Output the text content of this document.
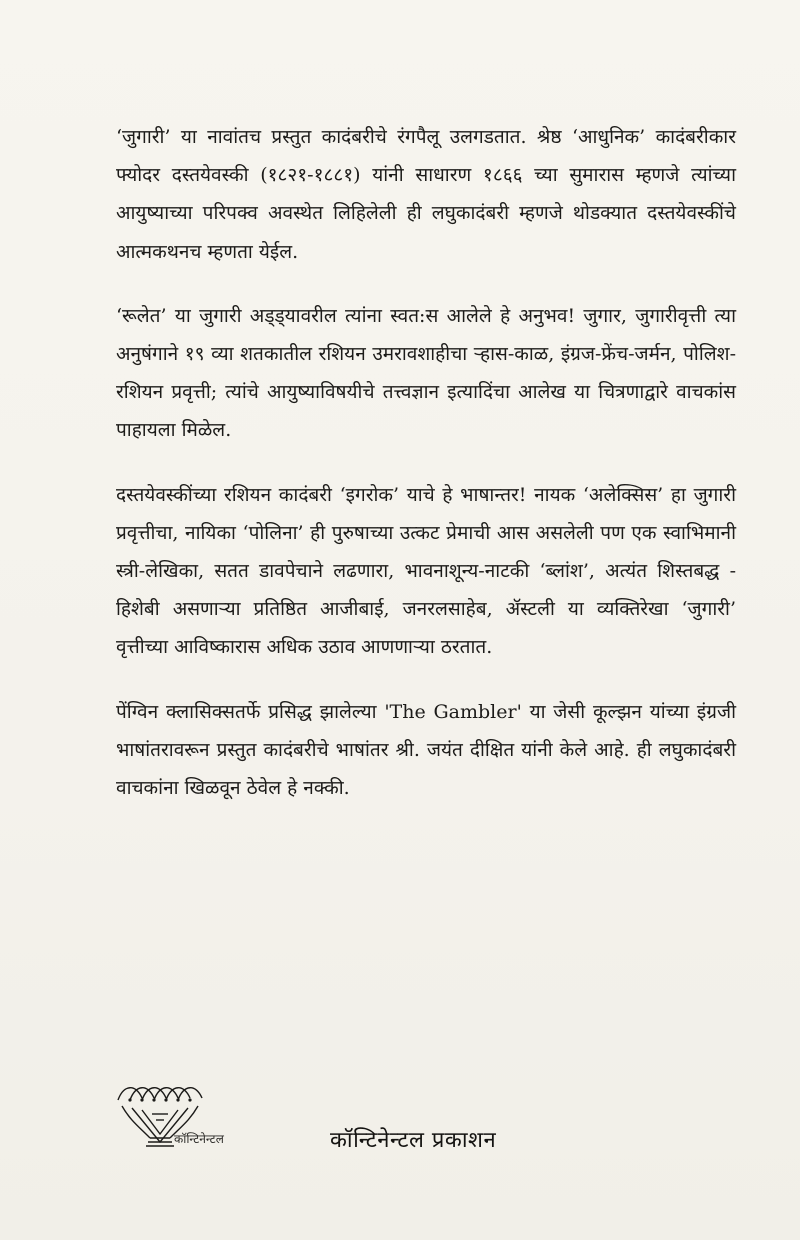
‘जुगारी’ या नावांतच प्रस्तुत कादंबरीचे रंगपैलू उलगडतात. श्रेष्ठ ‘आधुनिक’ कादंबरीकार फ्योदर दस्तयेवस्की (१८२१-१८८१) यांनी साधारण १८६६ च्या सुमारास म्हणजे त्यांच्या आयुष्याच्या परिपक्व अवस्थेत लिहिलेली ही लघुकादंबरी म्हणजे थोडक्यात दस्तयेवस्कींचे आत्मकथनच म्हणता येईल.

‘रूलेत’ या जुगारी अड्ड्यावरील त्यांना स्वत:स आलेले हे अनुभव! जुगार, जुगारीवृत्ती त्या अनुषंगाने १९ व्या शतकातील रशियन उमरावशाहीचा ऱ्हास-काळ, इंग्रज-फ्रेंच-जर्मन, पोलिश-रशियन प्रवृत्ती; त्यांचे आयुष्याविषयीचे तत्त्वज्ञान इत्यादिंचा आलेख या चित्रणाद्वारे वाचकांस पाहायला मिळेल.

दस्तयेवस्कींच्या रशियन कादंबरी ‘इगरोक’ याचे हे भाषान्तर! नायक ‘अलेक्सिस’ हा जुगारी प्रवृत्तीचा, नायिका ‘पोलिना’ ही पुरुषाच्या उत्कट प्रेमाची आस असलेली पण एक स्वाभिमानी स्त्री-लेखिका, सतत डावपेचाने लढणारा, भावनाशून्य-नाटकी ‘ब्लांश’, अत्यंत शिस्तबद्ध - हिशेबी असणाऱ्या प्रतिष्ठित आजीबाई, जनरलसाहेब, ॲस्टली या व्यक्तिरेखा ‘जुगारी’ वृत्तीच्या आविष्कारास अधिक उठाव आणणाऱ्या ठरतात.

पेंग्विन क्लासिक्सतर्फे प्रसिद्ध झालेल्या 'The Gambler' या जेसी कूल्झन यांच्या इंग्रजी भाषांतरावरून प्रस्तुत कादंबरीचे भाषांतर श्री. जयंत दीक्षित यांनी केले आहे. ही लघुकादंबरी वाचकांना खिळवून ठेवेल हे नक्की.

कॉन्टिनेन्टल	कॉन्टिनेन्टल प्रकाशन
